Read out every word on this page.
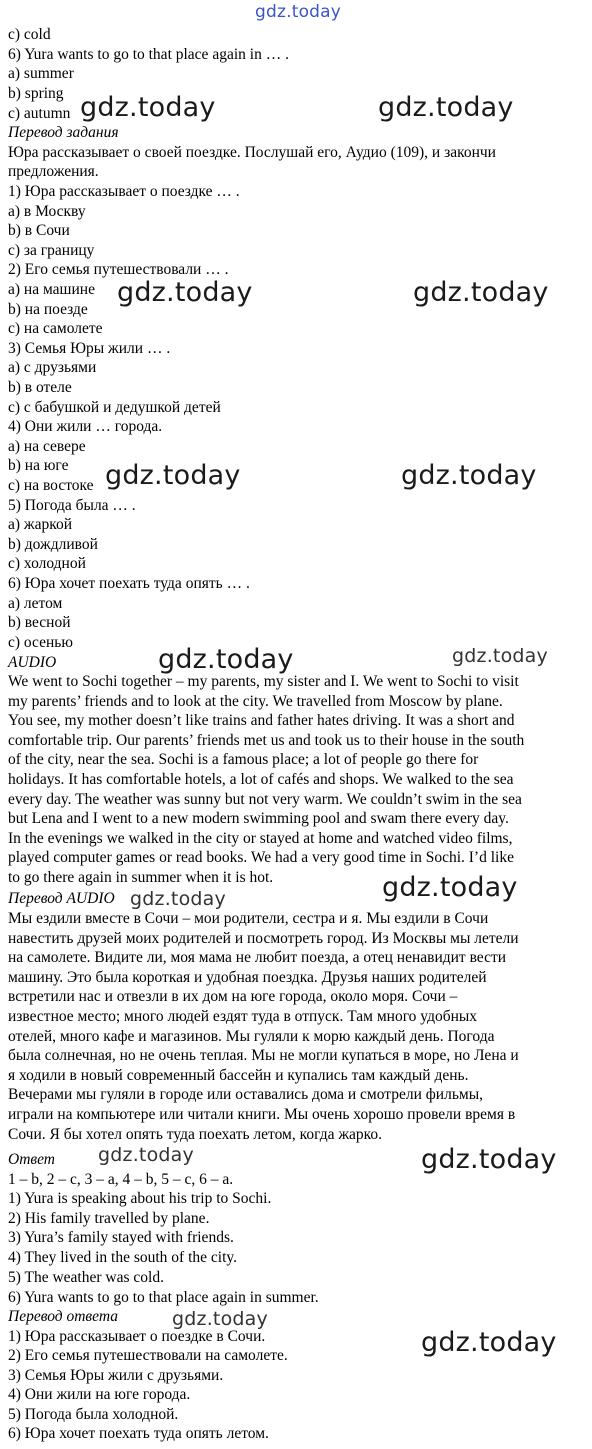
gdz.today
c) cold
6) Yura wants to go to that place again in … .
a) summer
b) spring
c) autumn
Перевод задания
Юра рассказывает о своей поездке. Послушай его, Аудио (109), и закончи
предложения.
1) Юра рассказывает о поездке … .
а) в Москву
b) в Сочи
с) за границу
2) Его семья путешествовали … .
а) на машине
b) на поезде
с) на самолете
3) Семья Юры жили … .
а) с друзьями
b) в отеле
с) с бабушкой и дедушкой детей
4) Они жили … города.
а) на севере
b) на юге
с) на востоке
5) Погода была … .
а) жаркой
b) дождливой
с) холодной
6) Юра хочет поехать туда опять … .
а) летом
b) весной
с) осенью
AUDIO
We went to Sochi together – my parents, my sister and I. We went to Sochi to visit
my parents’ friends and to look at the city. We travelled from Moscow by plane.
You see, my mother doesn’t like trains and father hates driving. It was a short and
comfortable trip. Our parents’ friends met us and took us to their house in the south
of the city, near the sea. Sochi is a famous place; a lot of people go there for
holidays. It has comfortable hotels, a lot of cafés and shops. We walked to the sea
every day. The weather was sunny but not very warm. We couldn’t swim in the sea
but Lena and I went to a new modern swimming pool and swam there every day.
In the evenings we walked in the city or stayed at home and watched video films,
played computer games or read books. We had a very good time in Sochi. I’d like
to go there again in summer when it is hot.
Перевод AUDIO
Мы ездили вместе в Сочи – мои родители, сестра и я. Мы ездили в Сочи
навестить друзей моих родителей и посмотреть город. Из Москвы мы летели
на самолете. Видите ли, моя мама не любит поезда, а отец ненавидит вести
машину. Это была короткая и удобная поездка. Друзья наших родителей
встретили нас и отвезли в их дом на юге города, около моря. Сочи –
известное место; много людей ездят туда в отпуск. Там много удобных
отелей, много кафе и магазинов. Мы гуляли к морю каждый день. Погода
была солнечная, но не очень теплая. Мы не могли купаться в море, но Лена и
я ходили в новый современный бассейн и купались там каждый день.
Вечерами мы гуляли в городе или оставались дома и смотрели фильмы,
играли на компьютере или читали книги. Мы очень хорошо провели время в
Сочи. Я бы хотел опять туда поехать летом, когда жарко.
Ответ
1 – b, 2 – c, 3 – a, 4 – b, 5 – c, 6 – a.
1) Yura is speaking about his trip to Sochi.
2) His family travelled by plane.
3) Yura’s family stayed with friends.
4) They lived in the south of the city.
5) The weather was cold.
6) Yura wants to go to that place again in summer.
Перевод ответа
1) Юра рассказывает о поездке в Сочи.
2) Его семья путешествовали на самолете.
3) Семья Юры жили с друзьями.
4) Они жили на юге города.
5) Погода была холодной.
6) Юра хочет поехать туда опять летом.
gdz.today	gdz.today
gdz.today	gdz.today
gdz.today	gdz.today
gdz.today	gdz.today
gdz.today
gdz.today
gdz.today	gdz.today
gdz.today
gdz.today
